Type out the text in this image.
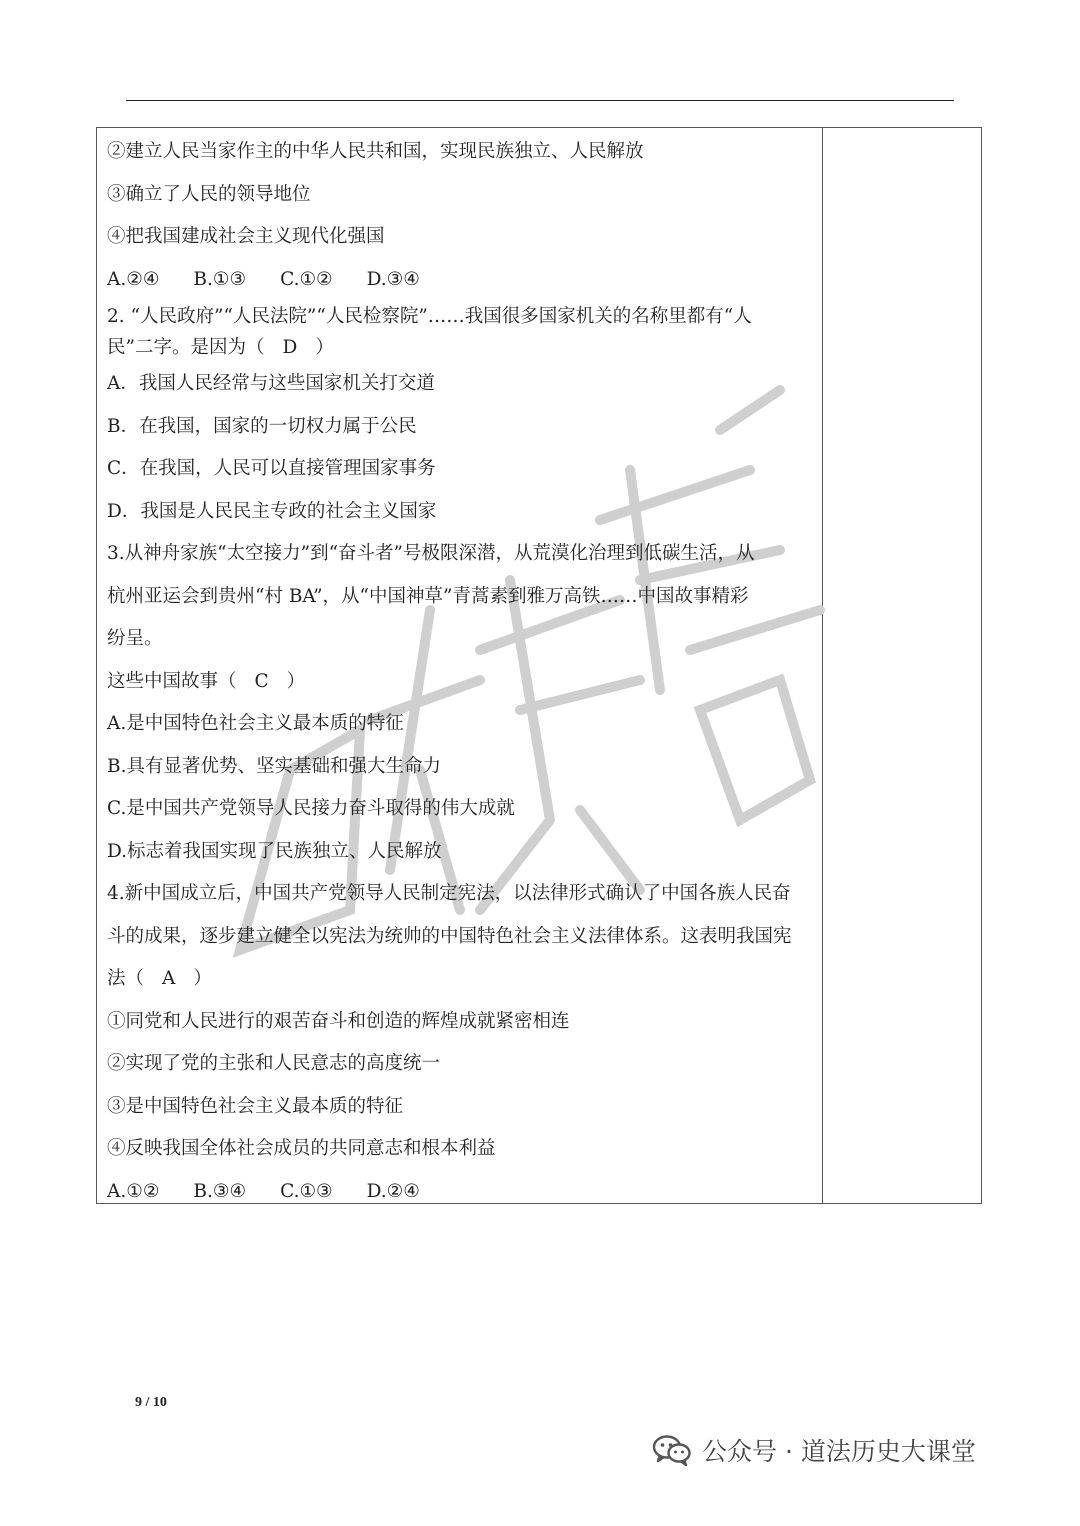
②建立人民当家作主的中华人民共和国，实现民族独立、人民解放
③确立了人民的领导地位
④把我国建成社会主义现代化强国
A.②④ B.①③ C.①② D.③④
2. “人民政府”“人民法院”“人民检察院”……我国很多国家机关的名称里都有“人
民”二字。是因为（ D ）
A．我国人民经常与这些国家机关打交道
B．在我国，国家的一切权力属于公民
C．在我国，人民可以直接管理国家事务
D．我国是人民民主专政的社会主义国家
3.从神舟家族“太空接力”到“奋斗者”号极限深潜，从荒漠化治理到低碳生活，从
杭州亚运会到贵州“村 BA”，从“中国神草”青蒿素到雅万高铁……中国故事精彩
纷呈。
这些中国故事（ C ）
A.是中国特色社会主义最本质的特征
B.具有显著优势、坚实基础和强大生命力
C.是中国共产党领导人民接力奋斗取得的伟大成就
D.标志着我国实现了民族独立、人民解放
4.新中国成立后，中国共产党领导人民制定宪法，以法律形式确认了中国各族人民奋
斗的成果，逐步建立健全以宪法为统帅的中国特色社会主义法律体系。这表明我国宪
法（ A ）
①同党和人民进行的艰苦奋斗和创造的辉煌成就紧密相连
②实现了党的主张和人民意志的高度统一
③是中国特色社会主义最本质的特征
④反映我国全体社会成员的共同意志和根本利益
A.①② B.③④ C.①③ D.②④
9 / 10
公众号 · 道法历史大课堂
